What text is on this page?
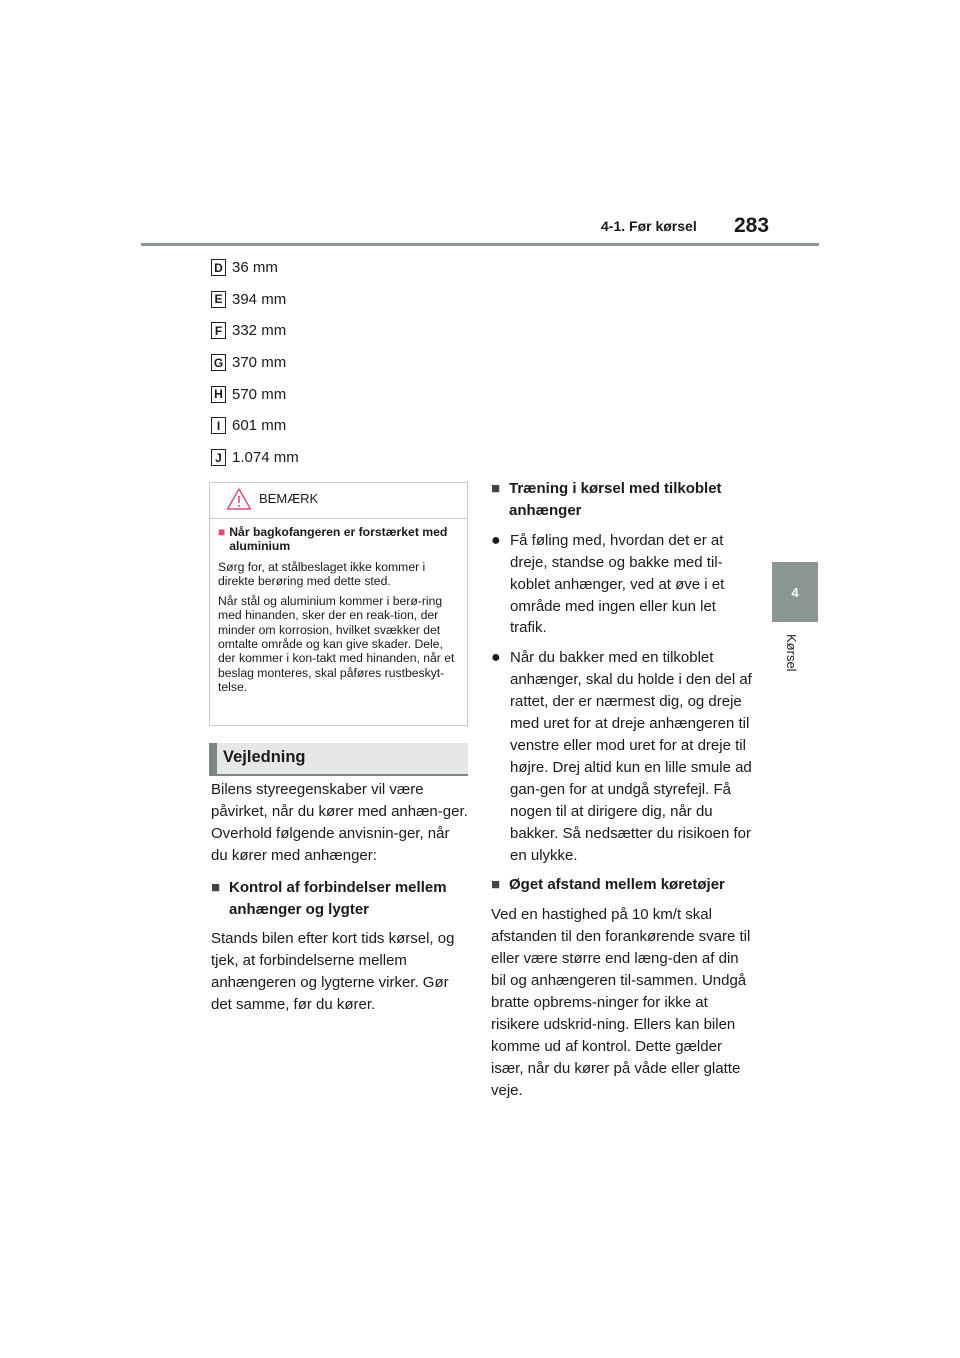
4-1. Før kørsel 283
4
Kørsel
D 36 mm
E 394 mm
F 332 mm
G 370 mm
H 570 mm
I 601 mm
J 1.074 mm
BEMÆRK
■ Når bagkofangeren er forstærket med aluminium
Sørg for, at stålbeslaget ikke kommer i direkte berøring med dette sted.
Når stål og aluminium kommer i berø-ring med hinanden, sker der en reak-tion, der minder om korrosion, hvilket svækker det omtalte område og kan give skader. Dele, der kommer i kon-takt med hinanden, når et beslag monteres, skal påføres rustbeskyt-telse.
Vejledning

Bilens styreegenskaber vil være påvirket, når du kører med anhæn-ger. Overhold følgende anvisnin-ger, når du kører med anhænger:

■ Kontrol af forbindelser mellem anhænger og lygter

Stands bilen efter kort tids kørsel, og tjek, at forbindelserne mellem anhængeren og lygterne virker. Gør det samme, før du kører.

■ Træning i kørsel med tilkoblet anhænger
● Få føling med, hvordan det er at dreje, standse og bakke med til-koblet anhænger, ved at øve i et område med ingen eller kun let trafik.
● Når du bakker med en tilkoblet anhænger, skal du holde i den del af rattet, der er nærmest dig, og dreje med uret for at dreje anhængeren til venstre eller mod uret for at dreje til højre. Drej altid kun en lille smule ad gan-gen for at undgå styrefejl. Få nogen til at dirigere dig, når du bakker. Så nedsætter du risikoen for en ulykke.
■ Øget afstand mellem køretøjer

Ved en hastighed på 10 km/t skal afstanden til den forankørende svare til eller være større end læng-den af din bil og anhængeren til-sammen. Undgå bratte opbrems-ninger for ikke at risikere udskrid-ning. Ellers kan bilen komme ud af kontrol. Dette gælder især, når du kører på våde eller glatte veje.
